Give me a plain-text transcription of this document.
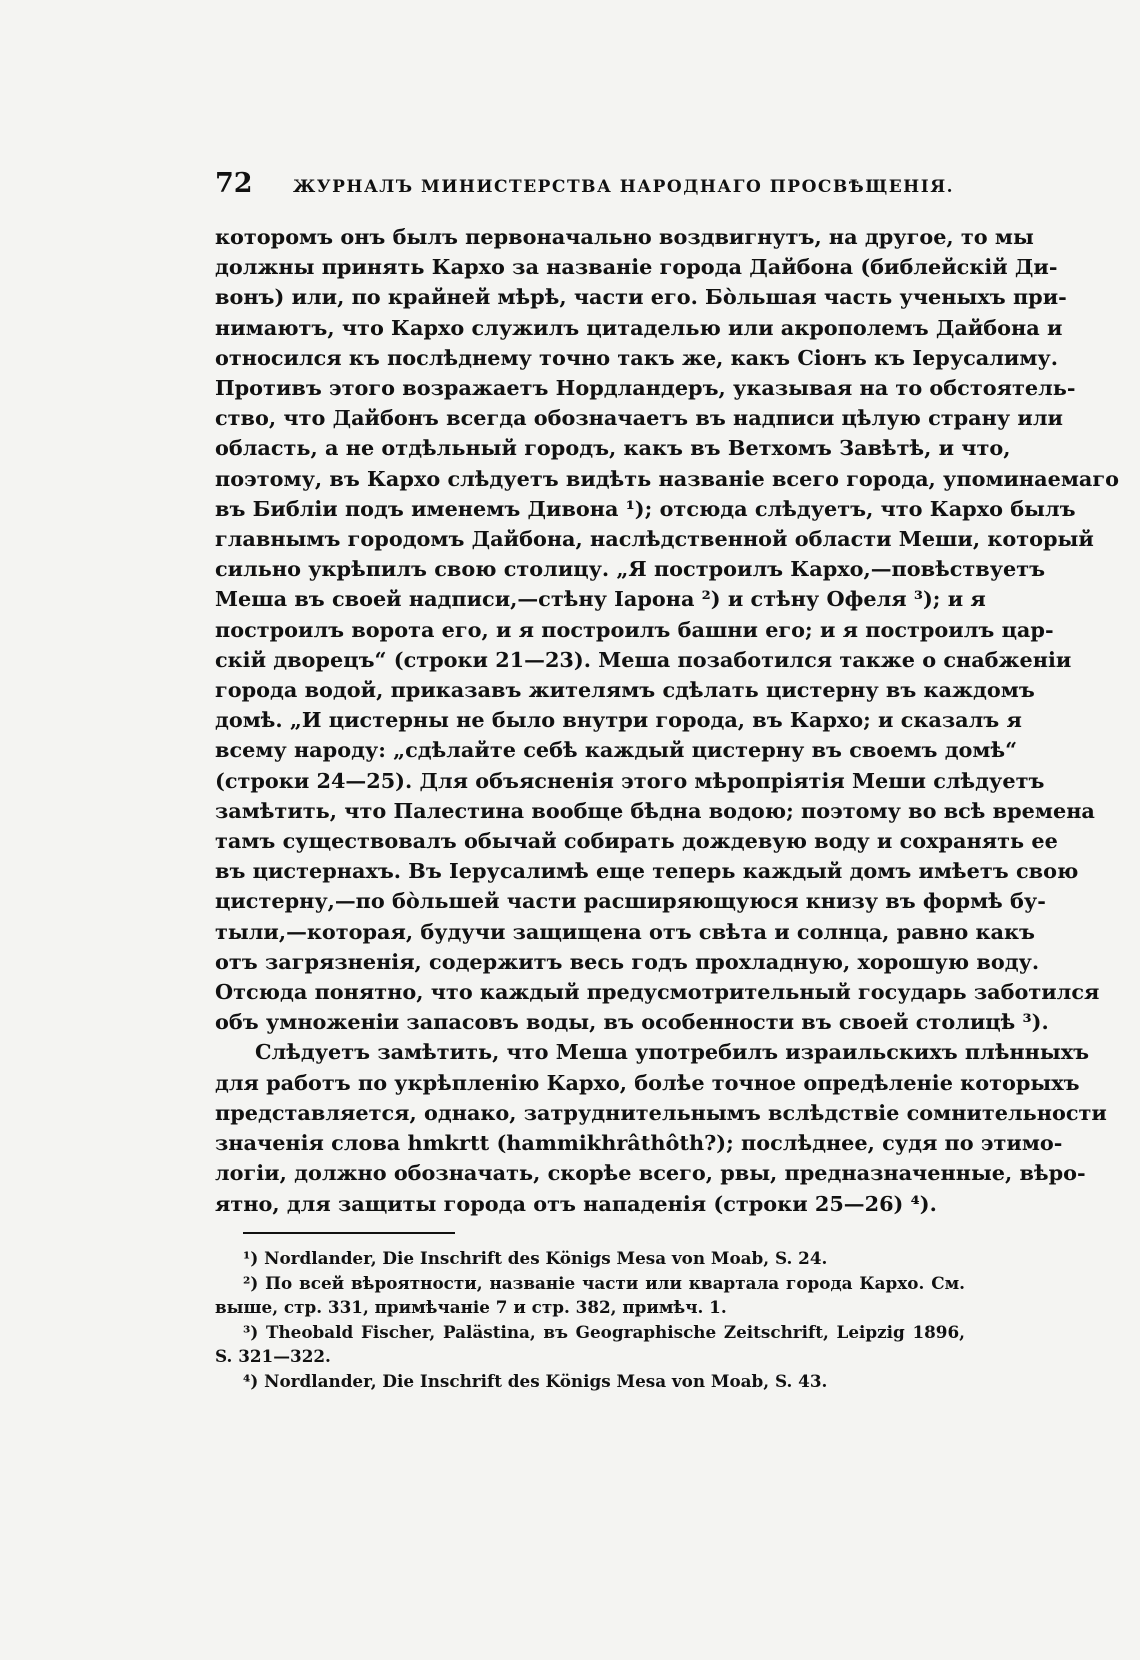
72	ЖУРНАЛЪ МИНИСТЕРСТВА НАРОДНАГО ПРОСВѢЩЕНІЯ.
которомъ онъ былъ первоначально воздвигнутъ, на другое, то мы
должны принять Кархо за названіе города Дайбона (библейскій Ди-
вонъ) или, по крайней мѣрѣ, части его. Бо̀льшая часть ученыхъ при-
нимаютъ, что Кархо служилъ цитаделью или акрополемъ Дайбона и
относился къ послѣднему точно такъ же, какъ Сіонъ къ Іерусалиму.
Противъ этого возражаетъ Нордландеръ, указывая на то обстоятель-
ство, что Дайбонъ всегда обозначаетъ въ надписи цѣлую страну или
область, а не отдѣльный городъ, какъ въ Ветхомъ Завѣтѣ, и что,
поэтому, въ Кархо слѣдуетъ видѣть названіе всего города, упоминаемаго
въ Библіи подъ именемъ Дивона ¹); отсюда слѣдуетъ, что Кархо былъ
главнымъ городомъ Дайбона, наслѣдственной области Меши, который
сильно укрѣпилъ свою столицу. „Я построилъ Кархо,—повѣствуетъ
Меша въ своей надписи,—стѣну Іарона ²) и стѣну Офеля ³); и я
построилъ ворота его, и я построилъ башни его; и я построилъ цар-
скій дворецъ“ (строки 21—23). Меша позаботился также о снабженіи
города водой, приказавъ жителямъ сдѣлать цистерну въ каждомъ
домѣ. „И цистерны не было внутри города, въ Кархо; и сказалъ я
всему народу: „сдѣлайте себѣ каждый цистерну въ своемъ домѣ“
(строки 24—25). Для объясненія этого мѣропріятія Меши слѣдуетъ
замѣтить, что Палестина вообще бѣдна водою; поэтому во всѣ времена
тамъ существовалъ обычай собирать дождевую воду и сохранять ее
въ цистернахъ. Въ Іерусалимѣ еще теперь каждый домъ имѣетъ свою
цистерну,—по бо̀льшей части расширяющуюся книзу въ формѣ бу-
тыли,—которая, будучи защищена отъ свѣта и солнца, равно какъ
отъ загрязненія, содержитъ весь годъ прохладную, хорошую воду.
Отсюда понятно, что каждый предусмотрительный государь заботился
объ умноженіи запасовъ воды, въ особенности въ своей столицѣ ³).
Слѣдуетъ замѣтить, что Меша употребилъ израильскихъ плѣнныхъ
для работъ по укрѣпленію Кархо, болѣе точное опредѣленіе которыхъ
представляется, однако, затруднительнымъ вслѣдствіе сомнительности
значенія слова hmkrtt (hammikhrâthôth?); послѣднее, судя по этимо-
логіи, должно обозначать, скорѣе всего, рвы, предназначенные, вѣро-
ятно, для защиты города отъ нападенія (строки 25—26) ⁴).
¹) Nordlander, Die Inschrift des Königs Mesa von Moab, S. 24.
²) По всей вѣроятности, названіе части или квартала города Кархо. См.
выше, стр. 331, примѣчаніе 7 и стр. 382, примѣч. 1.
³) Theobald Fischer, Palästina, въ Geographische Zeitschrift, Leipzig 1896,
S. 321—322.
⁴) Nordlander, Die Inschrift des Königs Mesa von Moab, S. 43.
